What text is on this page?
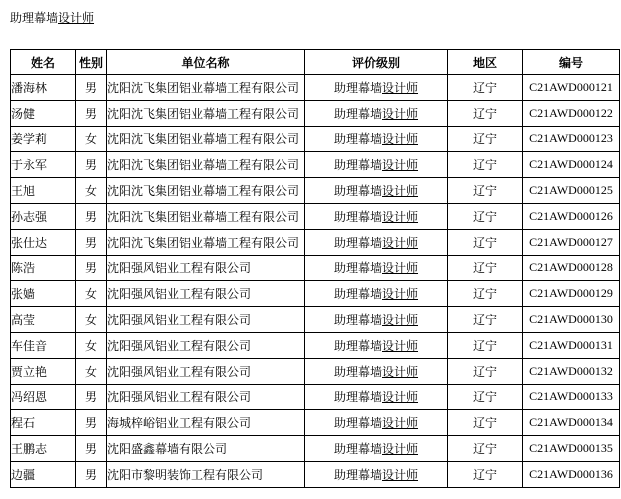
助理幕墙设计师
姓名	性别	单位名称	评价级别	地区	编号
潘海林	男	沈阳沈飞集团铝业幕墙工程有限公司	助理幕墙设计师	辽宁	C21AWD000121
汤健	男	沈阳沈飞集团铝业幕墙工程有限公司	助理幕墙设计师	辽宁	C21AWD000122
姜学莉	女	沈阳沈飞集团铝业幕墙工程有限公司	助理幕墙设计师	辽宁	C21AWD000123
于永军	男	沈阳沈飞集团铝业幕墙工程有限公司	助理幕墙设计师	辽宁	C21AWD000124
王旭	女	沈阳沈飞集团铝业幕墙工程有限公司	助理幕墙设计师	辽宁	C21AWD000125
孙志强	男	沈阳沈飞集团铝业幕墙工程有限公司	助理幕墙设计师	辽宁	C21AWD000126
张仕达	男	沈阳沈飞集团铝业幕墙工程有限公司	助理幕墙设计师	辽宁	C21AWD000127
陈浩	男	沈阳强风铝业工程有限公司	助理幕墙设计师	辽宁	C21AWD000128
张嫱	女	沈阳强风铝业工程有限公司	助理幕墙设计师	辽宁	C21AWD000129
高莹	女	沈阳强风铝业工程有限公司	助理幕墙设计师	辽宁	C21AWD000130
车佳音	女	沈阳强风铝业工程有限公司	助理幕墙设计师	辽宁	C21AWD000131
贾立艳	女	沈阳强风铝业工程有限公司	助理幕墙设计师	辽宁	C21AWD000132
冯绍恩	男	沈阳强风铝业工程有限公司	助理幕墙设计师	辽宁	C21AWD000133
程石	男	海城梓峪铝业工程有限公司	助理幕墙设计师	辽宁	C21AWD000134
王鹏志	男	沈阳盛鑫幕墙有限公司	助理幕墙设计师	辽宁	C21AWD000135
边疆	男	沈阳市黎明装饰工程有限公司	助理幕墙设计师	辽宁	C21AWD000136
